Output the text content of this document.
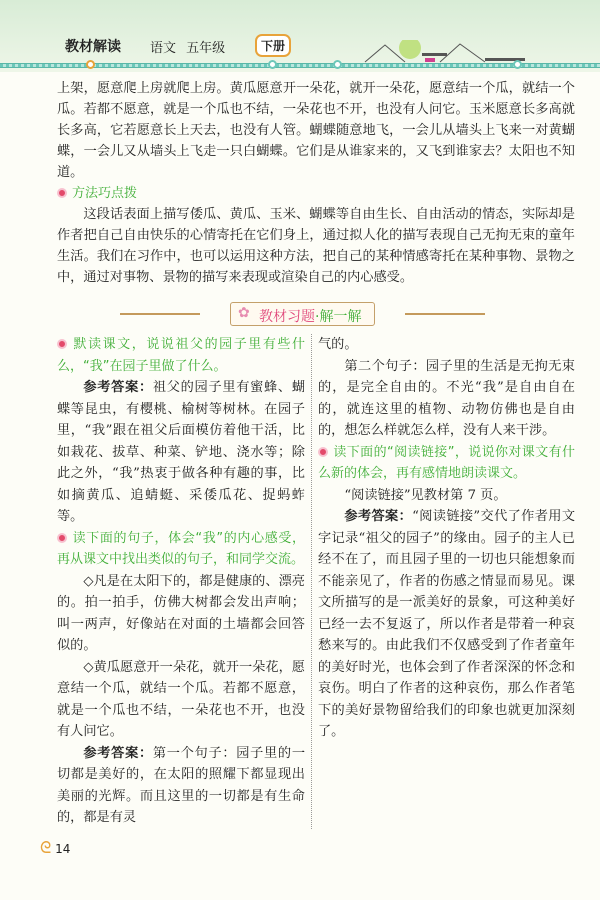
教材解读 语文 五年级	下册

上架，愿意爬上房就爬上房。黄瓜愿意开一朵花，就开一朵花，愿意结一个瓜，就结一个瓜。若都不愿意，就是一个瓜也不结，一朵花也不开，也没有人问它。玉米愿意长多高就长多高，它若愿意长上天去，也没有人管。蝴蝶随意地飞，一会儿从墙头上飞来一对黄蝴蝶，一会儿又从墙头上飞走一只白蝴蝶。它们是从谁家来的，又飞到谁家去？太阳也不知道。

方法巧点拨

这段话表面上描写倭瓜、黄瓜、玉米、蝴蝶等自由生长、自由活动的情态，实际却是作者把自己自由快乐的心情寄托在它们身上，通过拟人化的描写表现自己无拘无束的童年生活。我们在习作中，也可以运用这种方法，把自己的某种情感寄托在某种事物、景物之中，通过对事物、景物的描写来表现或渲染自己的内心感受。

✿ 教材习题·解一解

默读课文，说说祖父的园子里有些什么，“我”在园子里做了什么。

参考答案：祖父的园子里有蜜蜂、蝴蝶等昆虫，有樱桃、榆树等树林。在园子里，“我”跟在祖父后面模仿着他干活，比如栽花、拔草、种菜、铲地、浇水等；除此之外，“我”热衷于做各种有趣的事，比如摘黄瓜、追蜻蜓、采倭瓜花、捉蚂蚱等。

读下面的句子，体会“我”的内心感受，再从课文中找出类似的句子，和同学交流。

◇凡是在太阳下的，都是健康的、漂亮的。拍一拍手，仿佛大树都会发出声响；叫一两声，好像站在对面的土墙都会回答似的。

◇黄瓜愿意开一朵花，就开一朵花，愿意结一个瓜，就结一个瓜。若都不愿意，就是一个瓜也不结，一朵花也不开，也没有人问它。

参考答案：第一个句子：园子里的一切都是美好的，在太阳的照耀下都显现出美丽的光辉。而且这里的一切都是有生命的，都是有灵

气的。

第二个句子：园子里的生活是无拘无束的，是完全自由的。不光“我”是自由自在的，就连这里的植物、动物仿佛也是自由的，想怎么样就怎么样，没有人来干涉。

读下面的“阅读链接”，说说你对课文有什么新的体会，再有感情地朗读课文。

“阅读链接”见教材第 7 页。

参考答案：“阅读链接”交代了作者用文字记录“祖父的园子”的缘由。园子的主人已经不在了，而且园子里的一切也只能想象而不能亲见了，作者的伤感之情显而易见。课文所描写的是一派美好的景象，可这种美好已经一去不复返了，所以作者是带着一种哀愁来写的。由此我们不仅感受到了作者童年的美好时光，也体会到了作者深深的怀念和哀伤。明白了作者的这种哀伤，那么作者笔下的美好景物留给我们的印象也就更加深刻了。

ᘓ 14
